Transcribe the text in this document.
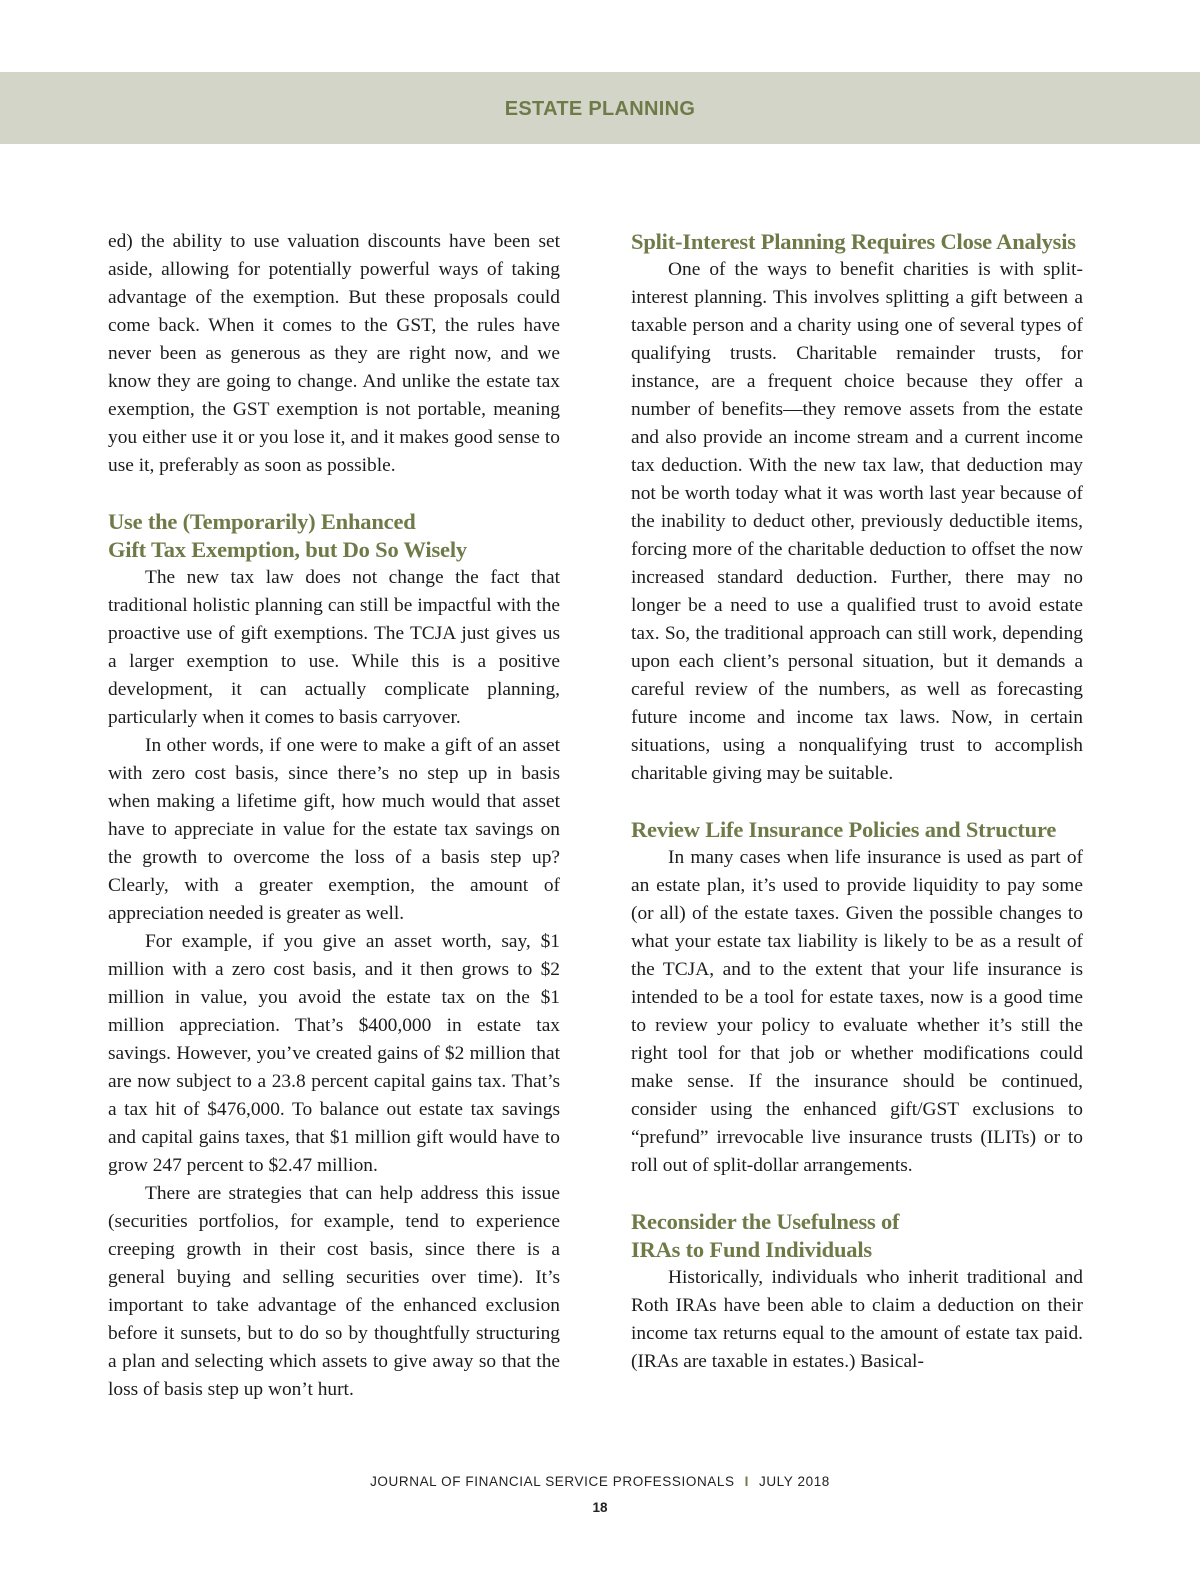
ESTATE PLANNING

ed) the ability to use valuation discounts have been set aside, allowing for potentially powerful ways of taking advantage of the exemption. But these proposals could come back. When it comes to the GST, the rules have never been as generous as they are right now, and we know they are going to change. And unlike the estate tax exemption, the GST exemption is not portable, meaning you either use it or you lose it, and it makes good sense to use it, preferably as soon as possible.

Use the (Temporarily) Enhanced
Gift Tax Exemption, but Do So Wisely

The new tax law does not change the fact that traditional holistic planning can still be impactful with the proactive use of gift exemptions. The TCJA just gives us a larger exemption to use. While this is a positive development, it can actually complicate planning, particularly when it comes to basis carryover.

In other words, if one were to make a gift of an asset with zero cost basis, since there’s no step up in basis when making a lifetime gift, how much would that asset have to appreciate in value for the estate tax savings on the growth to overcome the loss of a basis step up? Clearly, with a greater exemption, the amount of appreciation needed is greater as well.

For example, if you give an asset worth, say, $1 million with a zero cost basis, and it then grows to $2 million in value, you avoid the estate tax on the $1 million appreciation. That’s $400,000 in estate tax savings. However, you’ve created gains of $2 million that are now subject to a 23.8 percent capital gains tax. That’s a tax hit of $476,000. To balance out estate tax savings and capital gains taxes, that $1 million gift would have to grow 247 percent to $2.47 million.

There are strategies that can help address this issue (securities portfolios, for example, tend to experience creeping growth in their cost basis, since there is a general buying and selling securities over time). It’s important to take advantage of the enhanced exclusion before it sunsets, but to do so by thoughtfully structuring a plan and selecting which assets to give away so that the loss of basis step up won’t hurt.

Split-Interest Planning Requires Close Analysis

One of the ways to benefit charities is with split-interest planning. This involves splitting a gift between a taxable person and a charity using one of several types of qualifying trusts. Charitable remainder trusts, for instance, are a frequent choice because they offer a number of benefits—they remove assets from the estate and also provide an income stream and a current income tax deduction. With the new tax law, that deduction may not be worth today what it was worth last year because of the inability to deduct other, previously deductible items, forcing more of the charitable deduction to offset the now increased standard deduction. Further, there may no longer be a need to use a qualified trust to avoid estate tax. So, the traditional approach can still work, depending upon each client’s personal situation, but it demands a careful review of the numbers, as well as forecasting future income and income tax laws. Now, in certain situations, using a nonqualifying trust to accomplish charitable giving may be suitable.

Review Life Insurance Policies and Structure

In many cases when life insurance is used as part of an estate plan, it’s used to provide liquidity to pay some (or all) of the estate taxes. Given the possible changes to what your estate tax liability is likely to be as a result of the TCJA, and to the extent that your life insurance is intended to be a tool for estate taxes, now is a good time to review your policy to evaluate whether it’s still the right tool for that job or whether modifications could make sense. If the insurance should be continued, consider using the enhanced gift/GST exclusions to “prefund” irrevocable live insurance trusts (ILITs) or to roll out of split-dollar arrangements.

Reconsider the Usefulness of
IRAs to Fund Individuals

Historically, individuals who inherit traditional and Roth IRAs have been able to claim a deduction on their income tax returns equal to the amount of estate tax paid. (IRAs are taxable in estates.) Basical-

JOURNAL OF FINANCIAL SERVICE PROFESSIONALS I JULY 2018
18
